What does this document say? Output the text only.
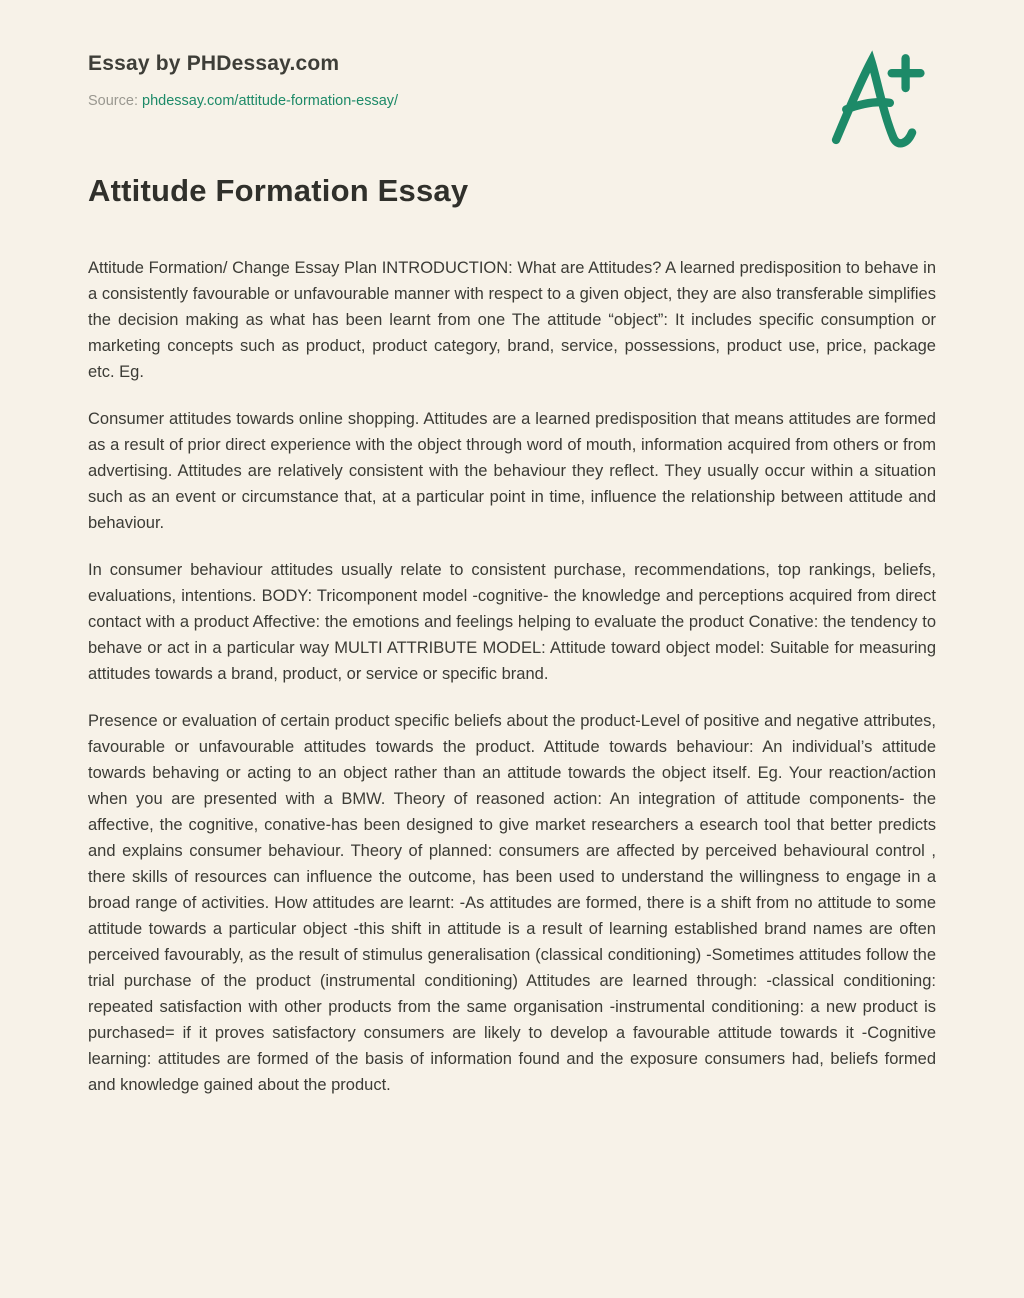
Essay by PHDessay.com
Source: phdessay.com/attitude-formation-essay/
Attitude Formation Essay

Attitude Formation/ Change Essay Plan INTRODUCTION: What are Attitudes? A learned predisposition to behave in a consistently favourable or unfavourable manner with respect to a given object, they are also transferable simplifies the decision making as what has been learnt from one The attitude “object”: It includes specific consumption or marketing concepts such as product, product category, brand, service, possessions, product use, price, package etc. Eg.

Consumer attitudes towards online shopping. Attitudes are a learned predisposition that means attitudes are formed as a result of prior direct experience with the object through word of mouth, information acquired from others or from advertising. Attitudes are relatively consistent with the behaviour they reflect. They usually occur within a situation such as an event or circumstance that, at a particular point in time, influence the relationship between attitude and behaviour.

In consumer behaviour attitudes usually relate to consistent purchase, recommendations, top rankings, beliefs, evaluations, intentions. BODY: Tricomponent model -cognitive- the knowledge and perceptions acquired from direct contact with a product Affective: the emotions and feelings helping to evaluate the product Conative: the tendency to behave or act in a particular way MULTI ATTRIBUTE MODEL: Attitude toward object model: Suitable for measuring attitudes towards a brand, product, or service or specific brand.

Presence or evaluation of certain product specific beliefs about the product-Level of positive and negative attributes, favourable or unfavourable attitudes towards the product. Attitude towards behaviour: An individual’s attitude towards behaving or acting to an object rather than an attitude towards the object itself. Eg. Your reaction/action when you are presented with a BMW. Theory of reasoned action: An integration of attitude components- the affective, the cognitive, conative-has been designed to give market researchers a esearch tool that better predicts and explains consumer behaviour. Theory of planned: consumers are affected by perceived behavioural control , there skills of resources can influence the outcome, has been used to understand the willingness to engage in a broad range of activities. How attitudes are learnt: -As attitudes are formed, there is a shift from no attitude to some attitude towards a particular object -this shift in attitude is a result of learning established brand names are often perceived favourably, as the result of stimulus generalisation (classical conditioning) -Sometimes attitudes follow the trial purchase of the product (instrumental conditioning) Attitudes are learned through: -classical conditioning: repeated satisfaction with other products from the same organisation -instrumental conditioning: a new product is purchased= if it proves satisfactory consumers are likely to develop a favourable attitude towards it -Cognitive learning: attitudes are formed of the basis of information found and the exposure consumers had, beliefs formed and knowledge gained about the product.
